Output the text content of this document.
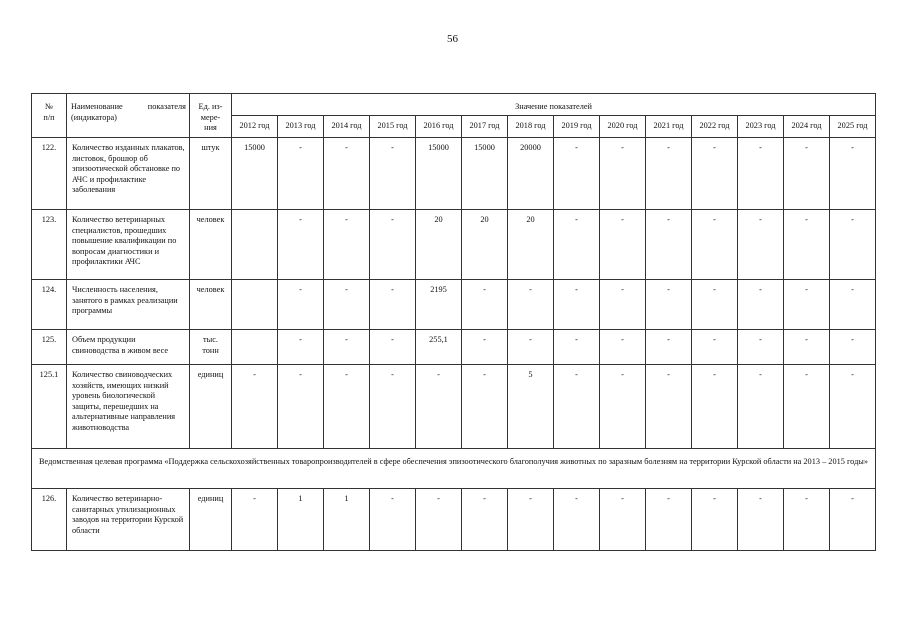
56
№
п/п	Наименование показателя (индикатора)	Ед. из-
мере-
ния	Значение показателей													
			2012 год	2013 год	2014 год	2015 год	2016 год	2017 год	2018 год	2019 год	2020 год	2021 год	2022 год	2023 год	2024 год	2025 год
122.	Количество изданных плакатов, листовок, брошюр об эпизоотической обстановке по АЧС и профилактике заболевания	штук	15000	-	-	-	15000	15000	20000	-	-	-	-	-	-	-
123.	Количество ветеринарных специалистов, прошедших повышение квалификации по вопросам диагностики и профилактики АЧС	человек		-	-	-	20	20	20	-	-	-	-	-	-	-
124.	Численность населения, занятого в рамках реализации программы	человек		-	-	-	2195	-	-	-	-	-	-	-	-	-
125.	Объем продукции свиноводства в живом весе	тыс.
тонн		-	-	-	255,1	-	-	-	-	-	-	-	-	-
125.1	Количество свиноводческих хозяйств, имеющих низкий уровень биологической защиты, перешедших на альтернативные направления животноводства	единиц	-	-	-	-	-	-	5	-	-	-	-	-	-	-
Ведомственная целевая программа «Поддержка сельскохозяйственных товаропроизводителей в сфере обеспечения эпизоотического благополучия животных по заразным болезням на территории Курской области на 2013 – 2015 годы»																
126.	Количество ветеринарно-санитарных утилизационных заводов на территории Курской области	единиц	-	1	1	-	-	-	-	-	-	-	-	-	-	-
